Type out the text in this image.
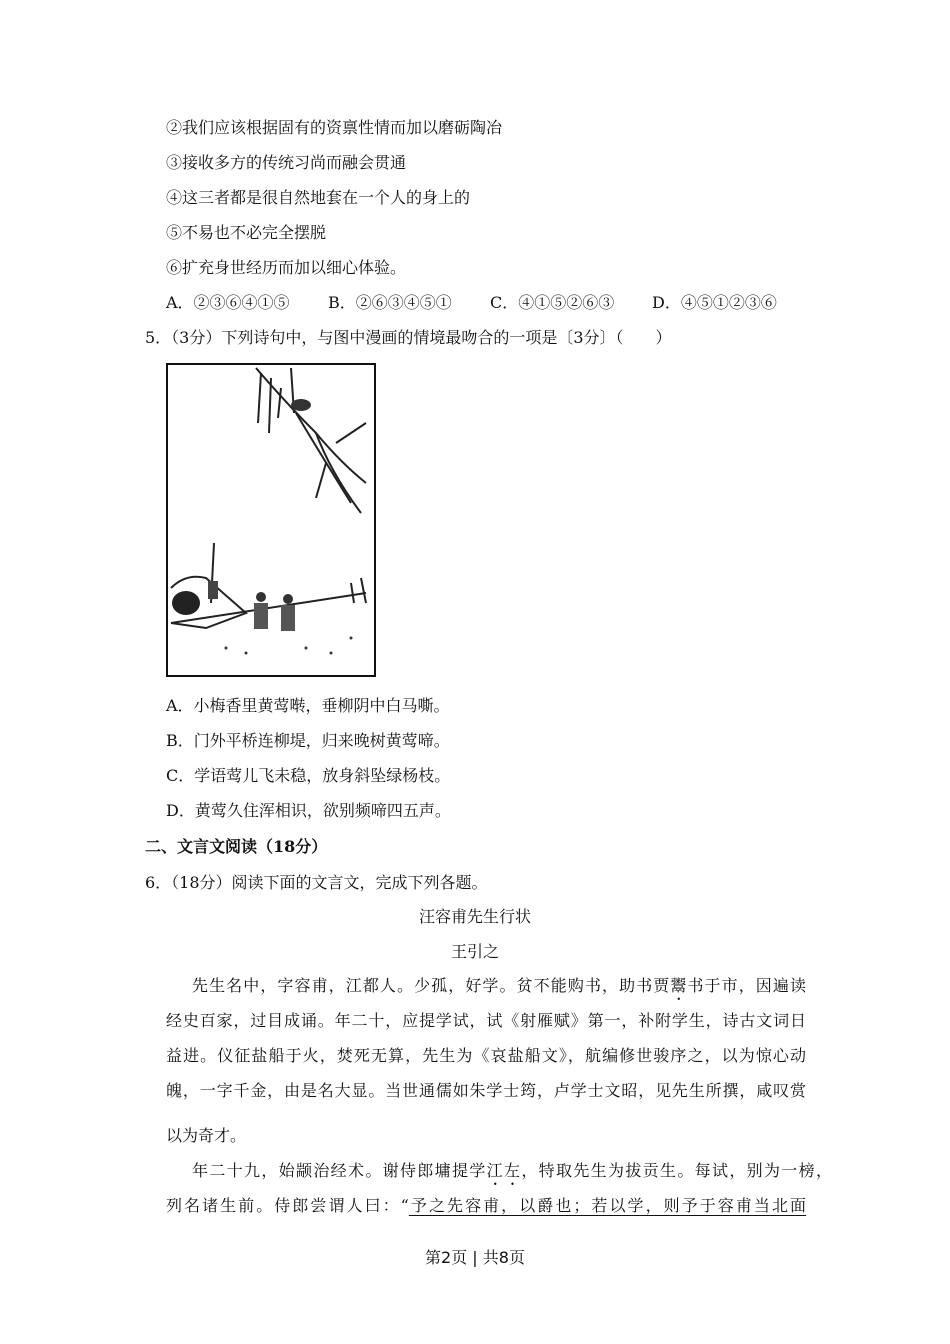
②我们应该根据固有的资禀性情而加以磨砺陶冶
③接收多方的传统习尚而融会贯通
④这三者都是很自然地套在一个人的身上的
⑤不易也不必完全摆脱
⑥扩充身世经历而加以细心体验。
A．②③⑥④①⑤ B．②⑥③④⑤① C．④①⑤②⑥③ D．④⑤①②③⑥
5．（3分）下列诗句中，与图中漫画的情境最吻合的一项是〔3分〕（　　）
A．小梅香里黄莺啭，垂柳阴中白马嘶。
B．门外平桥连柳堤，归来晚树黄莺啼。
C．学语莺儿飞未稳，放身斜坠绿杨枝。
D．黄莺久住浑相识，欲别频啼四五声。
二、文言文阅读（18分）
6．（18分）阅读下面的文言文，完成下列各题。
汪容甫先生行状
王引之
先生名中，字容甫，江都人。少孤，好学。贫不能购书，助书贾鬻书于市，因遍读
经史百家，过目成诵。年二十，应提学试，试《射雁赋》第一，补附学生，诗古文词日
益进。仪征盐船于火，焚死无算，先生为《哀盐船文》，航编修世骏序之，以为惊心动
魄，一字千金，由是名大显。当世通儒如朱学士筠，卢学士文昭，见先生所撰，咸叹赏
以为奇才。
年二十九，始颛治经术。谢侍郎墉提学江左，特取先生为拔贡生。每试，别为一榜，
列名诸生前。侍郎尝谓人曰：“予之先容甫，以爵也；若以学，则予于容甫当北面
第2页 | 共8页
